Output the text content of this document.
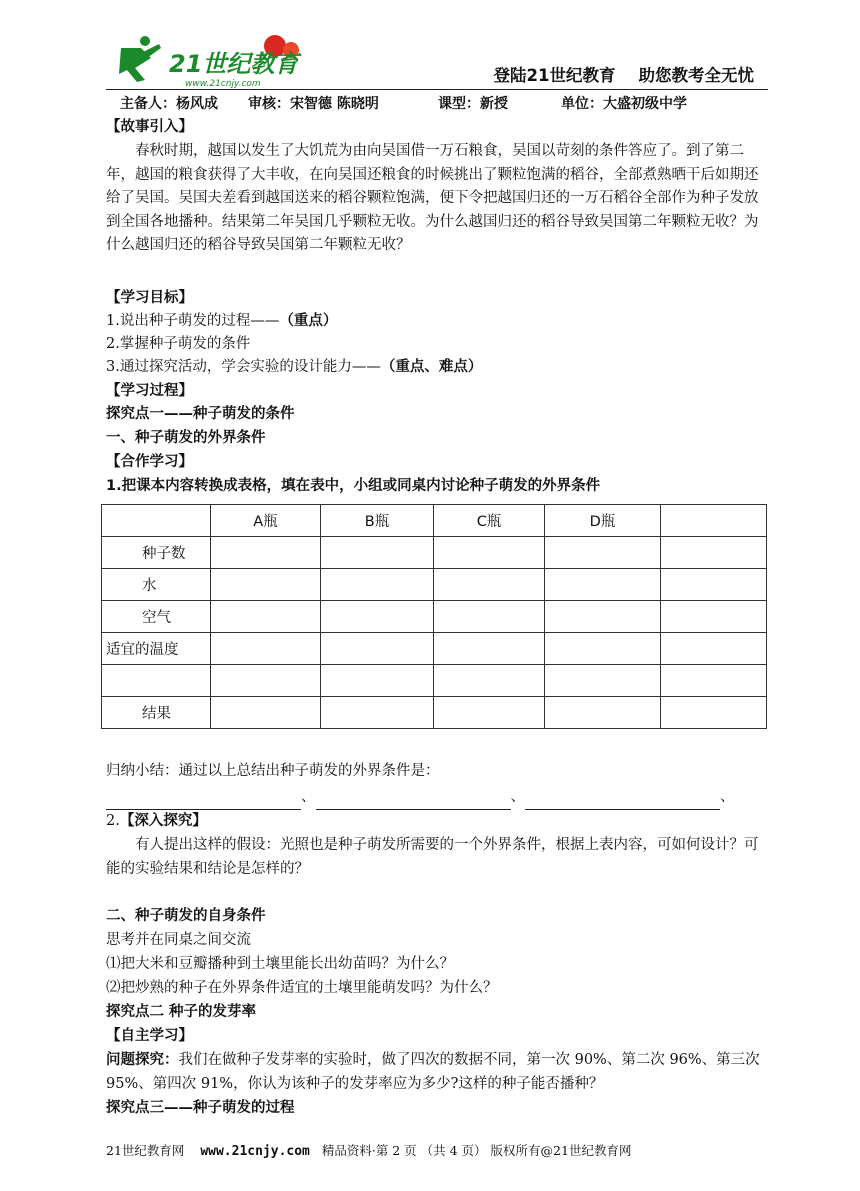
21世纪教育
www.21cnjy.com	登陆21世纪教育 助您教考全无忧
主备人：杨风成	审核：宋智德 陈晓明	课型：新授	单位：大盛初级中学
【故事引入】
春秋时期，越国以发生了大饥荒为由向吴国借一万石粮食，吴国以苛刻的条件答应了。到了第二年，越国的粮食获得了大丰收，在向吴国还粮食的时候挑出了颗粒饱满的稻谷，全部煮熟晒干后如期还给了吴国。吴国夫差看到越国送来的稻谷颗粒饱满，便下令把越国归还的一万石稻谷全部作为种子发放到全国各地播种。结果第二年吴国几乎颗粒无收。为什么越国归还的稻谷导致吴国第二年颗粒无收？为什么越国归还的稻谷导致吴国第二年颗粒无收？
【学习目标】
1.说出种子萌发的过程——（重点）
2.掌握种子萌发的条件
3.通过探究活动，学会实验的设计能力——（重点、难点）
【学习过程】
探究点一——种子萌发的条件
一、种子萌发的外界条件
【合作学习】
1.把课本内容转换成表格，填在表中，小组或同桌内讨论种子萌发的外界条件
	A瓶	B瓶	C瓶	D瓶	
种子数					
水					
空气					
适宜的温度					

结果					
归纳小结：通过以上总结出种子萌发的外界条件是：
、	、	、
2.【深入探究】
有人提出这样的假设：光照也是种子萌发所需要的一个外界条件，根据上表内容，可如何设计？可能的实验结果和结论是怎样的？
二、种子萌发的自身条件
思考并在同桌之间交流
⑴把大米和豆瓣播种到土壤里能长出幼苗吗？为什么？
⑵把炒熟的种子在外界条件适宜的土壤里能萌发吗？为什么？
探究点二 种子的发芽率
【自主学习】
问题探究：我们在做种子发芽率的实验时，做了四次的数据不同，第一次 90%、第二次 96%、第三次 95%、第四次 91%，你认为该种子的发芽率应为多少?这样的种子能否播种？
探究点三——种子萌发的过程
21世纪教育网 www.21cnjy.com 精品资料·第 2 页 （共 4 页） 版权所有@21世纪教育网
